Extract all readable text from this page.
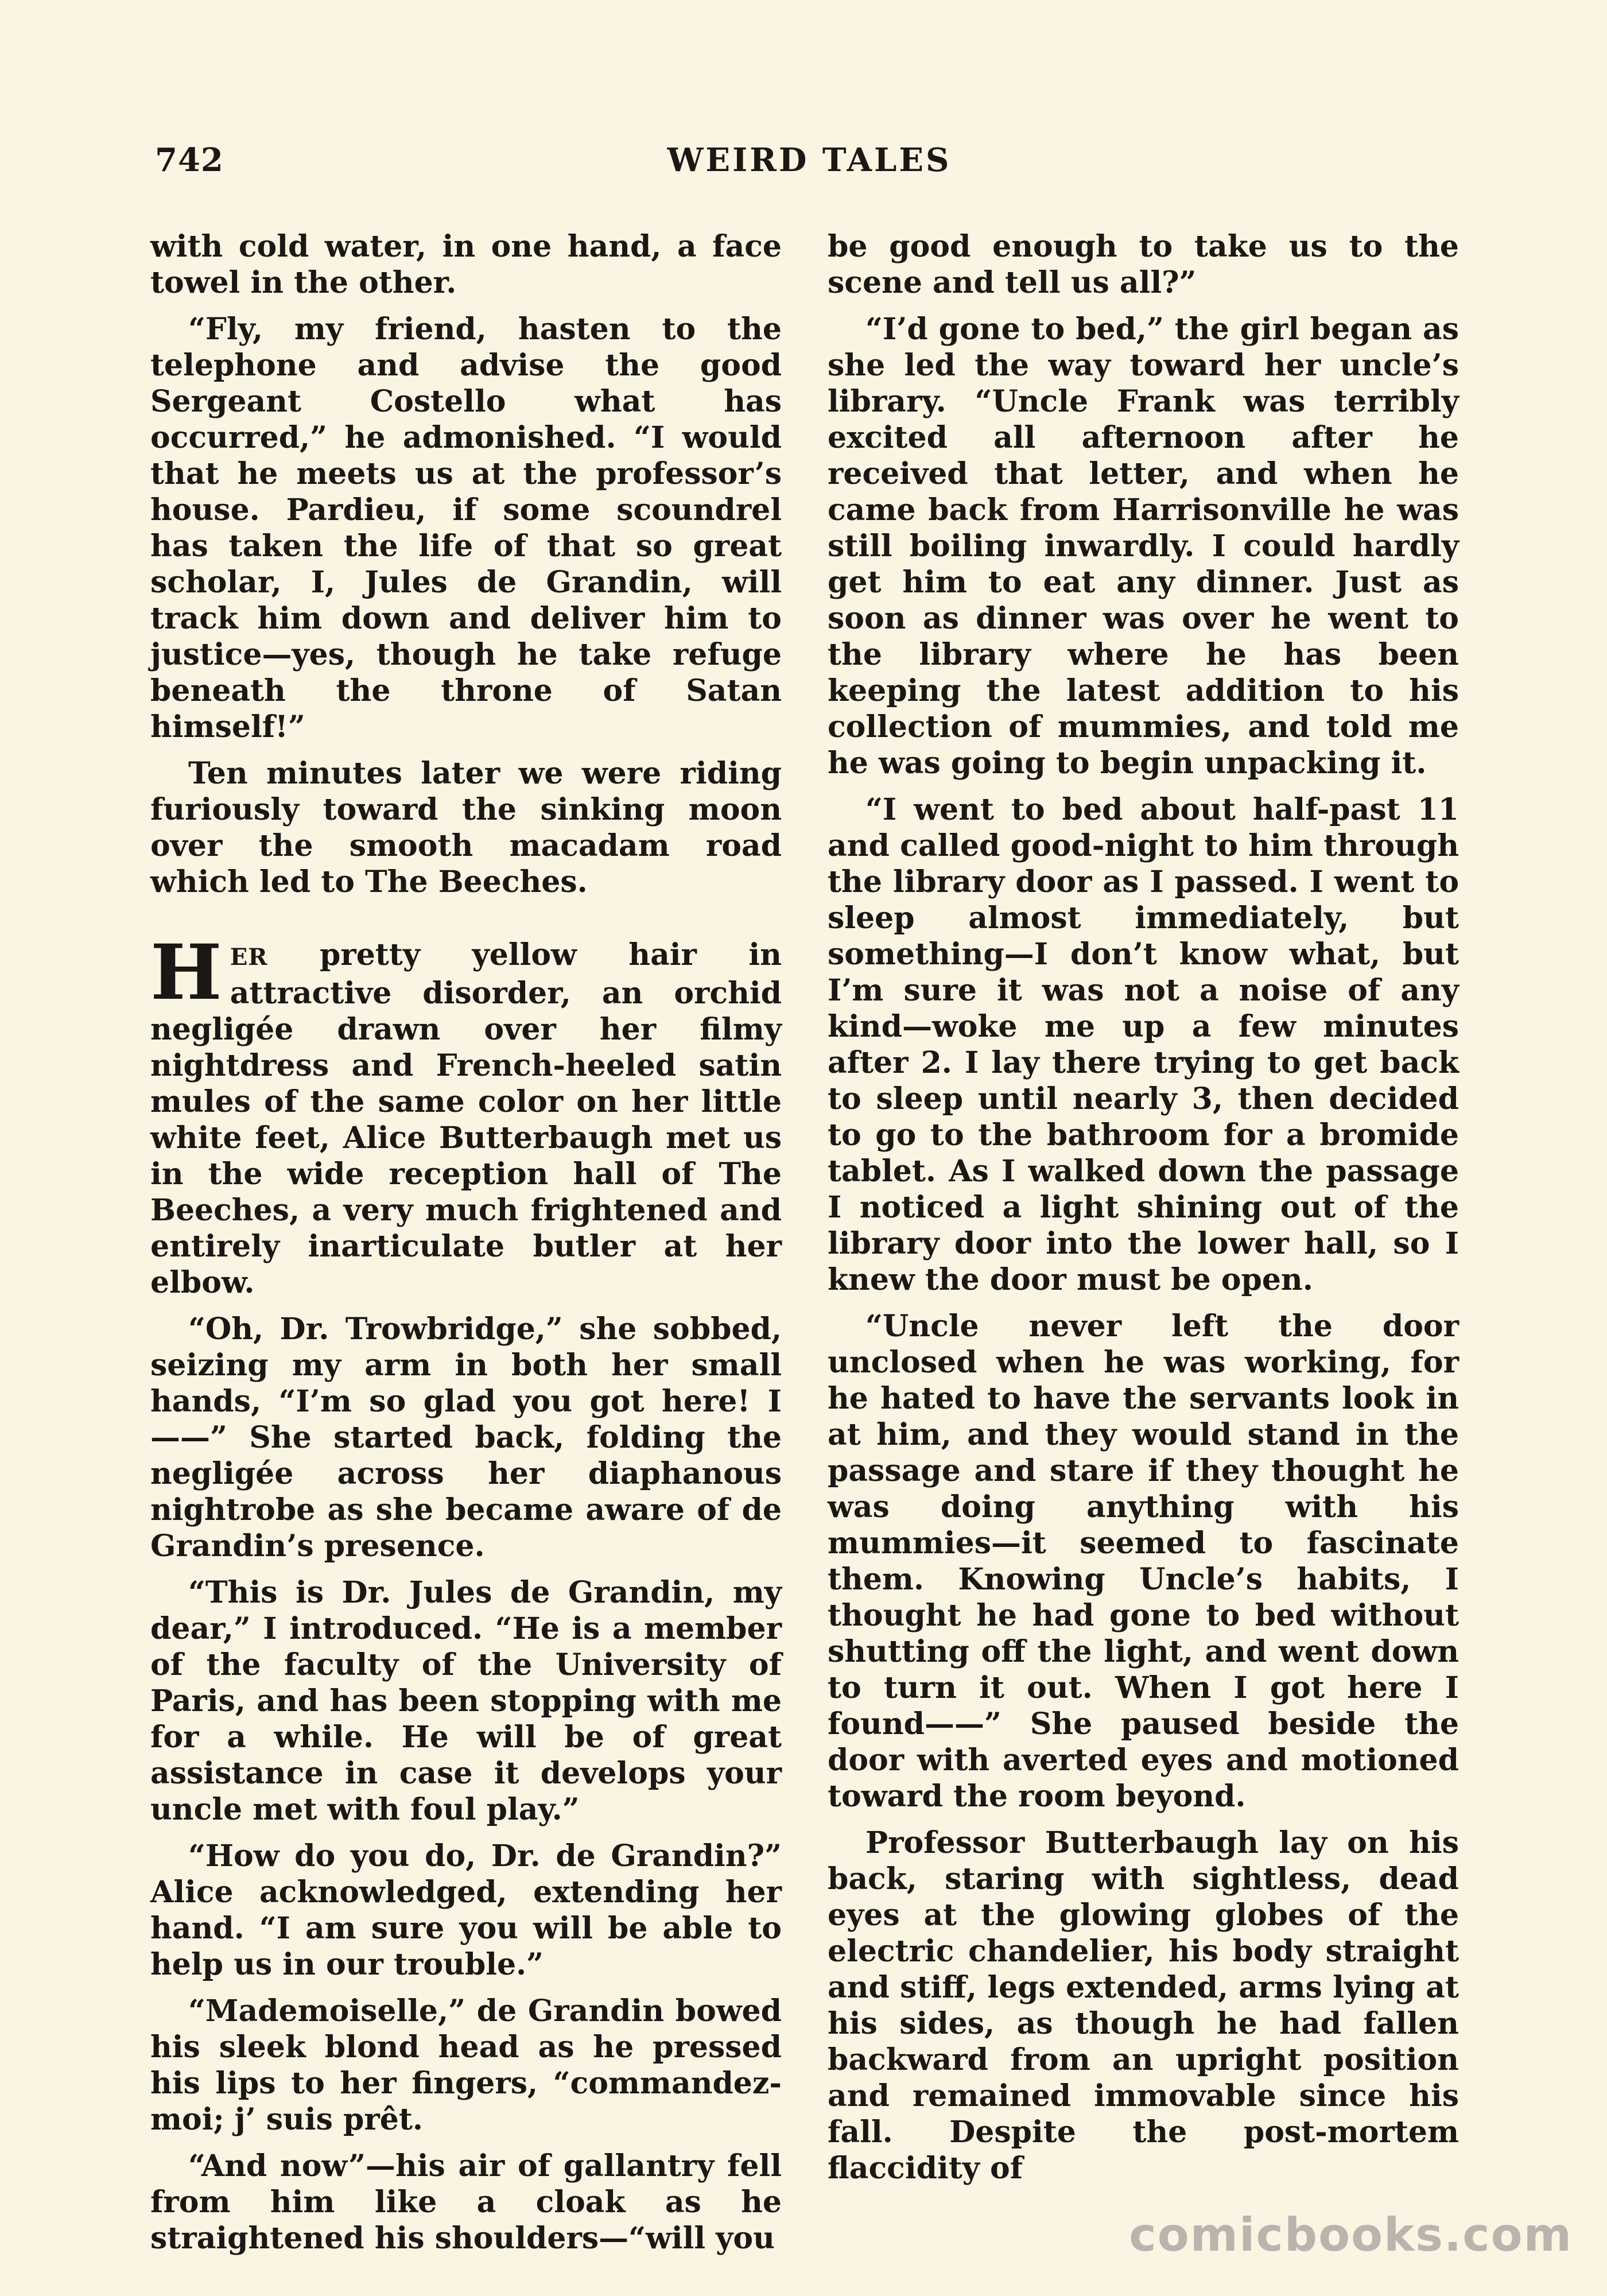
742	WEIRD TALES

with cold water, in one hand, a face towel in the other.

“Fly, my friend, hasten to the telephone and advise the good Sergeant Costello what has occurred,” he admonished. “I would that he meets us at the professor’s house. Pardieu, if some scoundrel has taken the life of that so great scholar, I, Jules de Grandin, will track him down and deliver him to justice—yes, though he take refuge beneath the throne of Satan himself!”

Ten minutes later we were riding furiously toward the sinking moon over the smooth macadam road which led to The Beeches.

HER pretty yellow hair in attractive disorder, an orchid negligée drawn over her filmy nightdress and French-heeled satin mules of the same color on her little white feet, Alice Butterbaugh met us in the wide reception hall of The Beeches, a very much frightened and entirely inarticulate butler at her elbow.

“Oh, Dr. Trowbridge,” she sobbed, seizing my arm in both her small hands, “I’m so glad you got here! I——” She started back, folding the negligée across her diaphanous nightrobe as she became aware of de Grandin’s presence.

“This is Dr. Jules de Grandin, my dear,” I introduced. “He is a member of the faculty of the University of Paris, and has been stopping with me for a while. He will be of great assistance in case it develops your uncle met with foul play.”

“How do you do, Dr. de Grandin?” Alice acknowledged, extending her hand. “I am sure you will be able to help us in our trouble.”

“Mademoiselle,” de Grandin bowed his sleek blond head as he pressed his lips to her fingers, “commandez-moi; j’ suis prêt.

“And now”—his air of gallantry fell from him like a cloak as he straightened his shoulders—“will you

be good enough to take us to the scene and tell us all?”

“I’d gone to bed,” the girl began as she led the way toward her uncle’s library. “Uncle Frank was terribly excited all afternoon after he received that letter, and when he came back from Harrisonville he was still boiling inwardly. I could hardly get him to eat any dinner. Just as soon as dinner was over he went to the library where he has been keeping the latest addition to his collection of mummies, and told me he was going to begin unpacking it.

“I went to bed about half-past 11 and called good-night to him through the library door as I passed. I went to sleep almost immediately, but something—I don’t know what, but I’m sure it was not a noise of any kind—woke me up a few minutes after 2. I lay there trying to get back to sleep until nearly 3, then decided to go to the bathroom for a bromide tablet. As I walked down the passage I noticed a light shining out of the library door into the lower hall, so I knew the door must be open.

“Uncle never left the door unclosed when he was working, for he hated to have the servants look in at him, and they would stand in the passage and stare if they thought he was doing anything with his mummies—it seemed to fascinate them. Knowing Uncle’s habits, I thought he had gone to bed without shutting off the light, and went down to turn it out. When I got here I found——” She paused beside the door with averted eyes and motioned toward the room beyond.

Professor Butterbaugh lay on his back, staring with sightless, dead eyes at the glowing globes of the electric chandelier, his body straight and stiff, legs extended, arms lying at his sides, as though he had fallen backward from an upright position and remained immovable since his fall. Despite the post-mortem flaccidity of

comicbooks.com
